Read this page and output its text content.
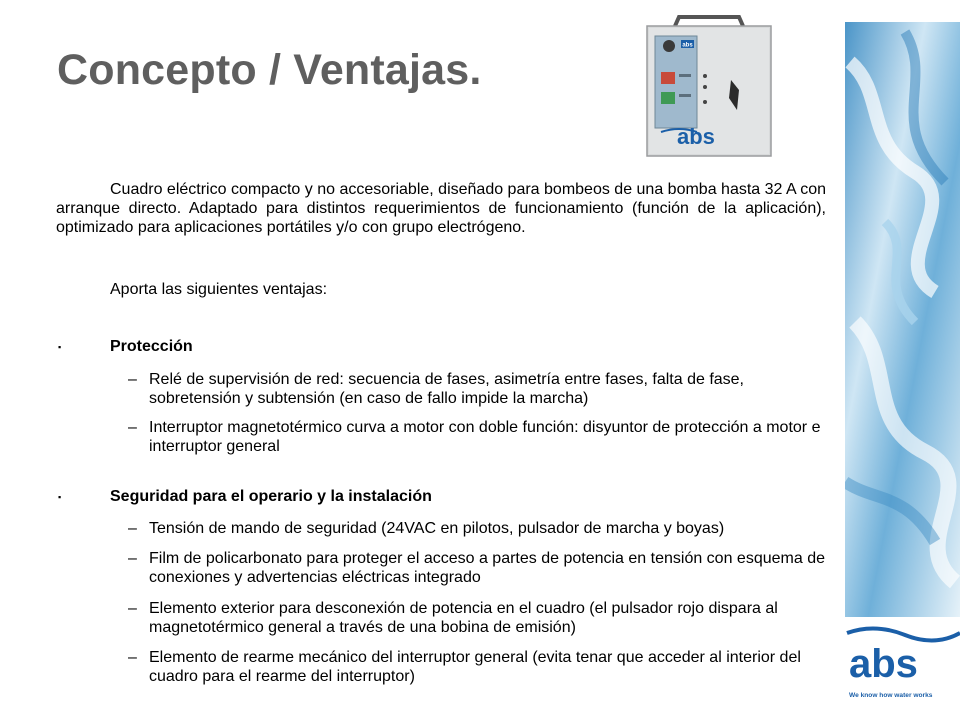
Concepto / Ventajas.
abs
abs
abs
We know how water works
Cuadro eléctrico compacto y no accesoriable, diseñado para bombeos de una bomba hasta 32 A con arranque directo. Adaptado para distintos requerimientos de funcionamiento (función de la aplicación), optimizado para aplicaciones portátiles y/o con grupo electrógeno.
Aporta las siguientes ventajas:
▪	Protección
– Relé de supervisión de red: secuencia de fases, asimetría entre fases, falta de fase, sobretensión y subtensión (en caso de fallo impide la marcha)
– Interruptor magnetotérmico curva a motor con doble función: disyuntor de protección a motor e interruptor general
▪	Seguridad para el operario y la instalación
– Tensión de mando de seguridad (24VAC en pilotos, pulsador de marcha y boyas)
– Film de policarbonato para proteger el acceso a partes de potencia en tensión con esquema de conexiones y advertencias eléctricas integrado
– Elemento exterior para desconexión de potencia en el cuadro (el pulsador rojo dispara al magnetotérmico general a través de una bobina de emisión)
– Elemento de rearme mecánico del interruptor general (evita tenar que acceder al interior del cuadro para el rearme del interruptor)
